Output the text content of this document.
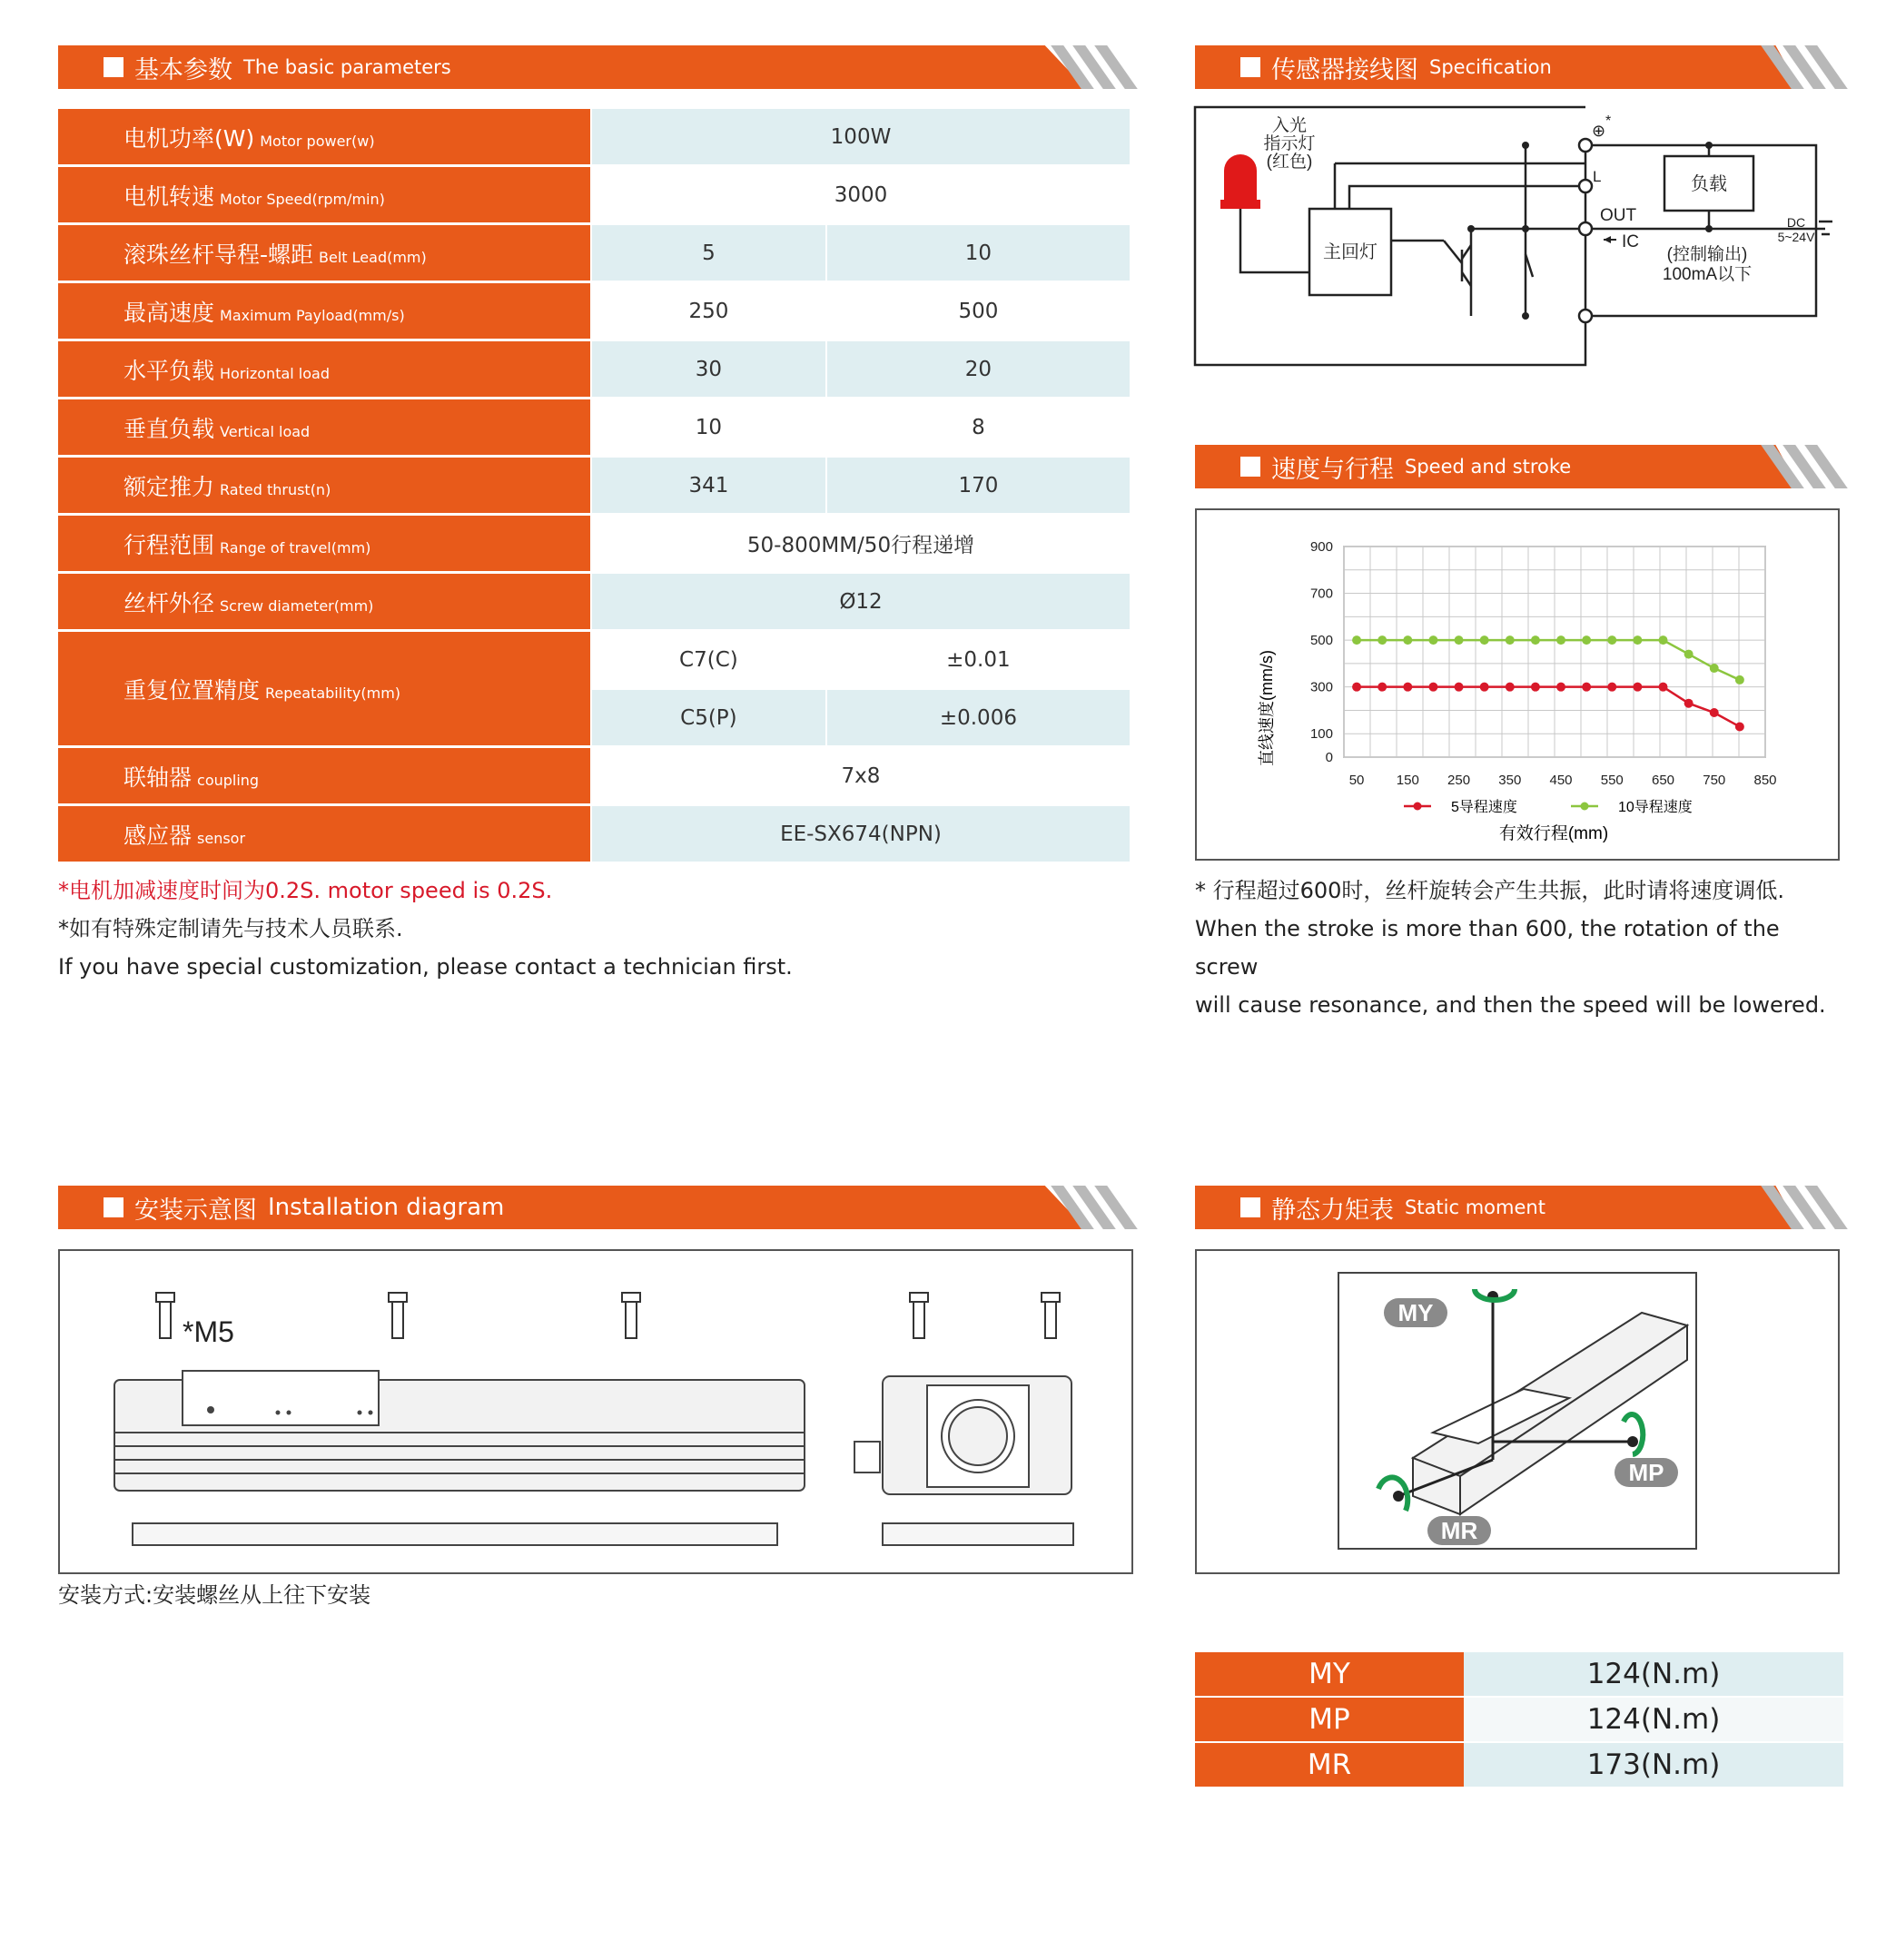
基本参数 The basic parameters
电机功率(W) Motor power(w)	100W	
电机转速 Motor Speed(rpm/min)	3000	
滚珠丝杆导程-螺距 Belt Lead(mm)	5	10
最高速度 Maximum Payload(mm/s)	250	500
水平负载 Horizontal load	30	20
垂直负载 Vertical load	10	8
额定推力 Rated thrust(n)	341	170
行程范围 Range of travel(mm)	50-800MM/50行程递增	
丝杆外径 Screw diameter(mm)	Ø12	
重复位置精度 Repeatability(mm)	C7(C)	±0.01
	C5(P)	±0.006
联轴器 coupling	7x8	
感应器 sensor	EE-SX674(NPN)	
*电机加减速度时间为0.2S. motor speed is 0.2S.
*如有特殊定制请先与技术人员联系.
If you have special customization, please contact a technician first.
传感器接线图 Specification
入光
指示灯
(红色)
主回灯
负载
OUT
IC
(控制输出)
100mA以下
DC
5~24V
⊕
*
L
速度与行程 Speed and stroke
50 150 250 350 450 550 650 750 850
0
100
300
500
700
900
直线速度(mm/s)
有效行程(mm)
5导程速度	10导程速度
* 行程超过600时，丝杆旋转会产生共振，此时请将速度调低.
When the stroke is more than 600, the rotation of the screw
will cause resonance, and then the speed will be lowered.
安装示意图 Installation diagram
*M5
安装方式:安装螺丝从上往下安装
静态力矩表 Static moment
MY
MP
MR
MY	124(N.m)
MP	124(N.m)
MR	173(N.m)
